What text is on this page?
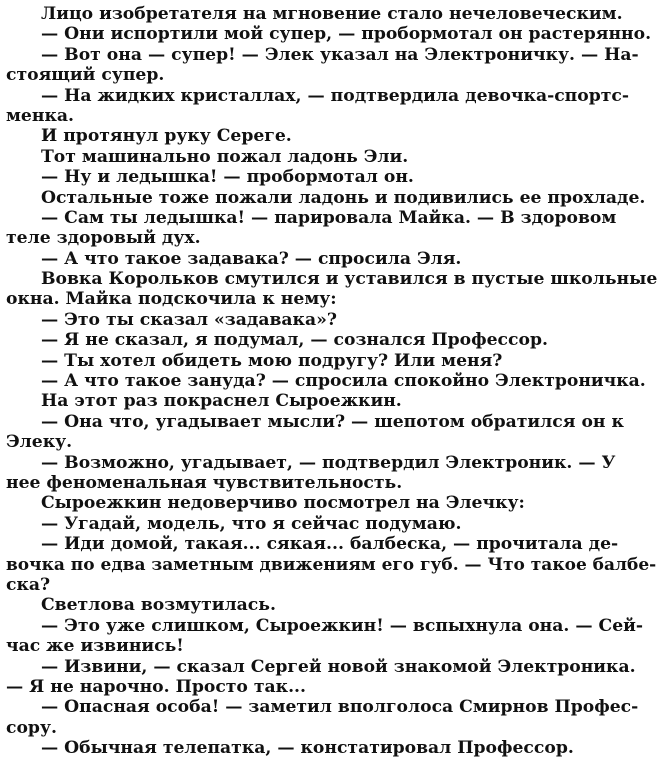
Лицо изобретателя на мгновение стало нечеловеческим.
— Они испортили мой супер, — пробормотал он растерянно.
— Вот она — супер! — Элек указал на Электроничку. — На-
стоящий супер.
— На жидких кристаллах, — подтвердила девочка-спортс-
менка.
И протянул руку Сереге.
Тот машинально пожал ладонь Эли.
— Ну и ледышка! — пробормотал он.
Остальные тоже пожали ладонь и подивились ее прохладе.
— Сам ты ледышка! — парировала Майка. — В здоровом
теле здоровый дух.
— А что такое задавака? — спросила Эля.
Вовка Корольков смутился и уставился в пустые школьные
окна. Майка подскочила к нему:
— Это ты сказал «задавака»?
— Я не сказал, я подумал, — сознался Профессор.
— Ты хотел обидеть мою подругу? Или меня?
— А что такое зануда? — спросила спокойно Электроничка.
На этот раз покраснел Сыроежкин.
— Она что, угадывает мысли? — шепотом обратился он к
Элеку.
— Возможно, угадывает, — подтвердил Электроник. — У
нее феноменальная чувствительность.
Сыроежкин недоверчиво посмотрел на Элечку:
— Угадай, модель, что я сейчас подумаю.
— Иди домой, такая... сякая... балбеска, — прочитала де-
вочка по едва заметным движениям его губ. — Что такое балбе-
ска?
Светлова возмутилась.
— Это уже слишком, Сыроежкин! — вспыхнула она. — Сей-
час же извинись!
— Извини, — сказал Сергей новой знакомой Электроника.
— Я не нарочно. Просто так...
— Опасная особа! — заметил вполголоса Смирнов Профес-
сору.
— Обычная телепатка, — констатировал Профессор.
